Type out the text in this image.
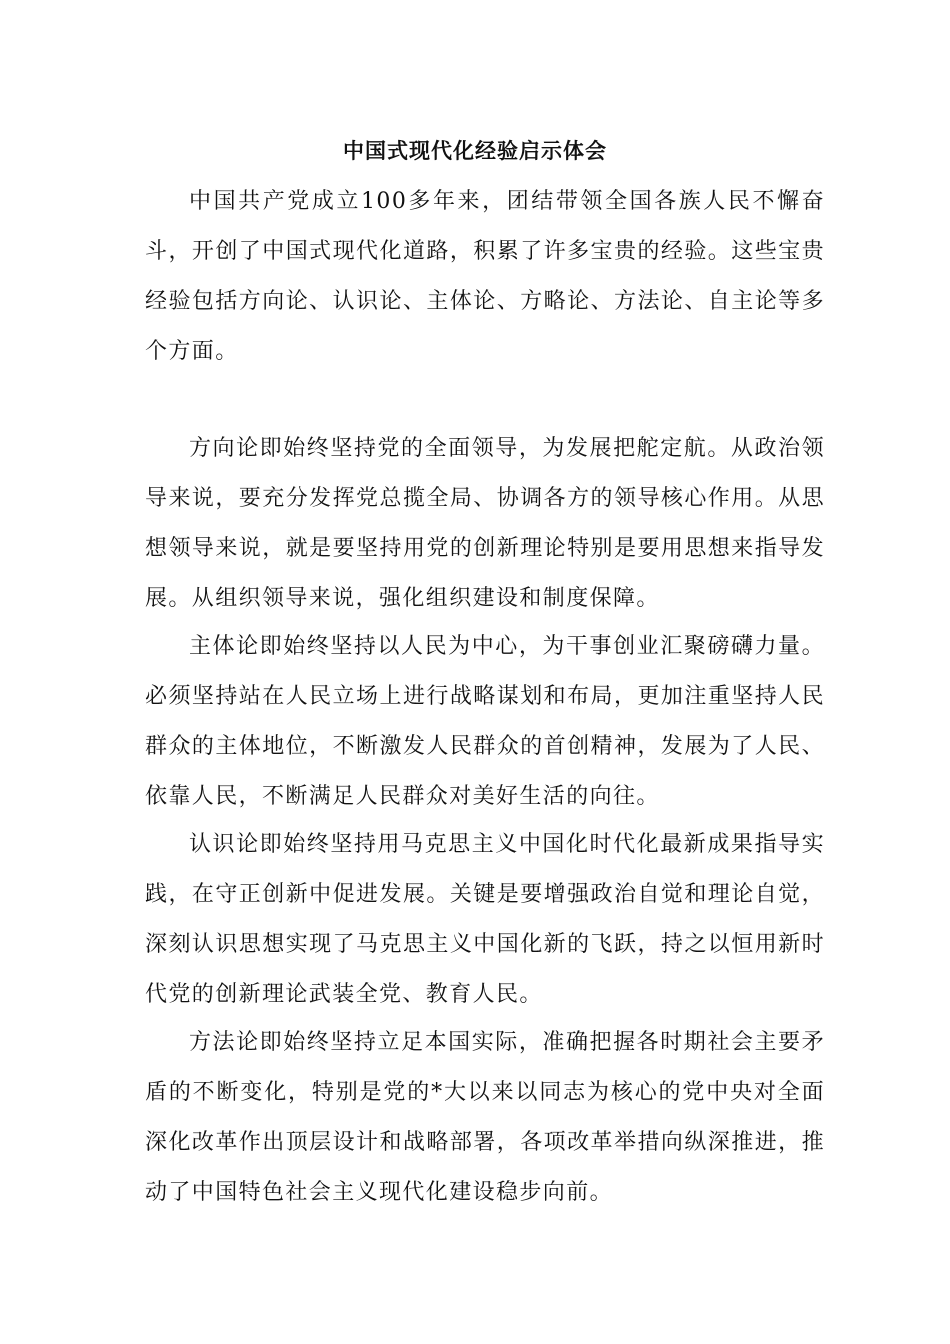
中国式现代化经验启示体会

中国共产党成立100多年来，团结带领全国各族人民不懈奋斗，开创了中国式现代化道路，积累了许多宝贵的经验。这些宝贵经验包括方向论、认识论、主体论、方略论、方法论、自主论等多个方面。

方向论即始终坚持党的全面领导，为发展把舵定航。从政治领导来说，要充分发挥党总揽全局、协调各方的领导核心作用。从思想领导来说，就是要坚持用党的创新理论特别是要用思想来指导发展。从组织领导来说，强化组织建设和制度保障。

主体论即始终坚持以人民为中心，为干事创业汇聚磅礴力量。必须坚持站在人民立场上进行战略谋划和布局，更加注重坚持人民群众的主体地位，不断激发人民群众的首创精神，发展为了人民、依靠人民，不断满足人民群众对美好生活的向往。

认识论即始终坚持用马克思主义中国化时代化最新成果指导实践，在守正创新中促进发展。关键是要增强政治自觉和理论自觉，深刻认识思想实现了马克思主义中国化新的飞跃，持之以恒用新时代党的创新理论武装全党、教育人民。

方法论即始终坚持立足本国实际，准确把握各时期社会主要矛盾的不断变化，特别是党的*大以来以同志为核心的党中央对全面深化改革作出顶层设计和战略部署，各项改革举措向纵深推进，推动了中国特色社会主义现代化建设稳步向前。
